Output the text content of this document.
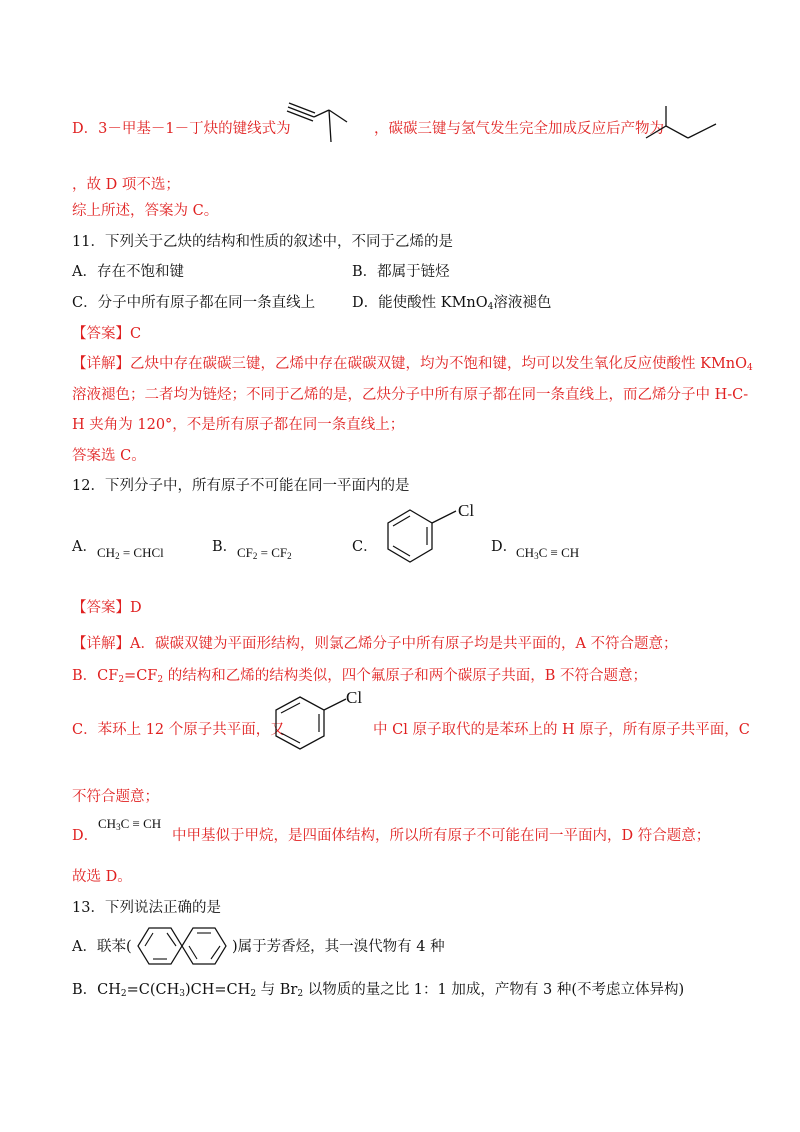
D．3－甲基－1－丁炔的键线式为	，碳碳三键与氢气发生完全加成反应后产物为
，故 D 项不选；
综上所述，答案为 C。
11．下列关于乙炔的结构和性质的叙述中，不同于乙烯的是
A．存在不饱和键	B．都属于链烃
C．分子中所有原子都在同一条直线上	D．能使酸性 KMnO$_4$溶液褪色
【答案】C
【详解】乙炔中存在碳碳三键，乙烯中存在碳碳双键，均为不饱和键，均可以发生氧化反应使酸性 KMnO$_4$
溶液褪色；二者均为链烃；不同于乙烯的是，乙炔分子中所有原子都在同一条直线上，而乙烯分子中 H-C-
H 夹角为 120°，不是所有原子都在同一条直线上；
答案选 C。
12．下列分子中，所有原子不可能在同一平面内的是
A． $CH_2$ = CHCl	B． $CF_2 = CF_2$
C．
Cl
D．
$CH_3C$ ≡ CH
【答案】D
【详解】A．碳碳双键为平面形结构，则氯乙烯分子中所有原子均是共平面的，A 不符合题意；
B．$CF_2=CF_2$ 的结构和乙烯的结构类似，四个氟原子和两个碳原子共面，B 不符合题意；
C．苯环上 12 个原子共平面，又
Cl
中 Cl 原子取代的是苯环上的 H 原子，所有原子共平面，C
不符合题意；
D．
$CH_3C$ ≡ CH
中甲基似于甲烷，是四面体结构，所以所有原子不可能在同一平面内，D 符合题意；
故选 D。
13．下列说法正确的是
A．联苯(	)属于芳香烃，其一溴代物有 4 种
B．$CH_2=C(CH_3)CH=CH_2$ 与 $Br_2$ 以物质的量之比 1：1 加成，产物有 3 种(不考虑立体异构)
